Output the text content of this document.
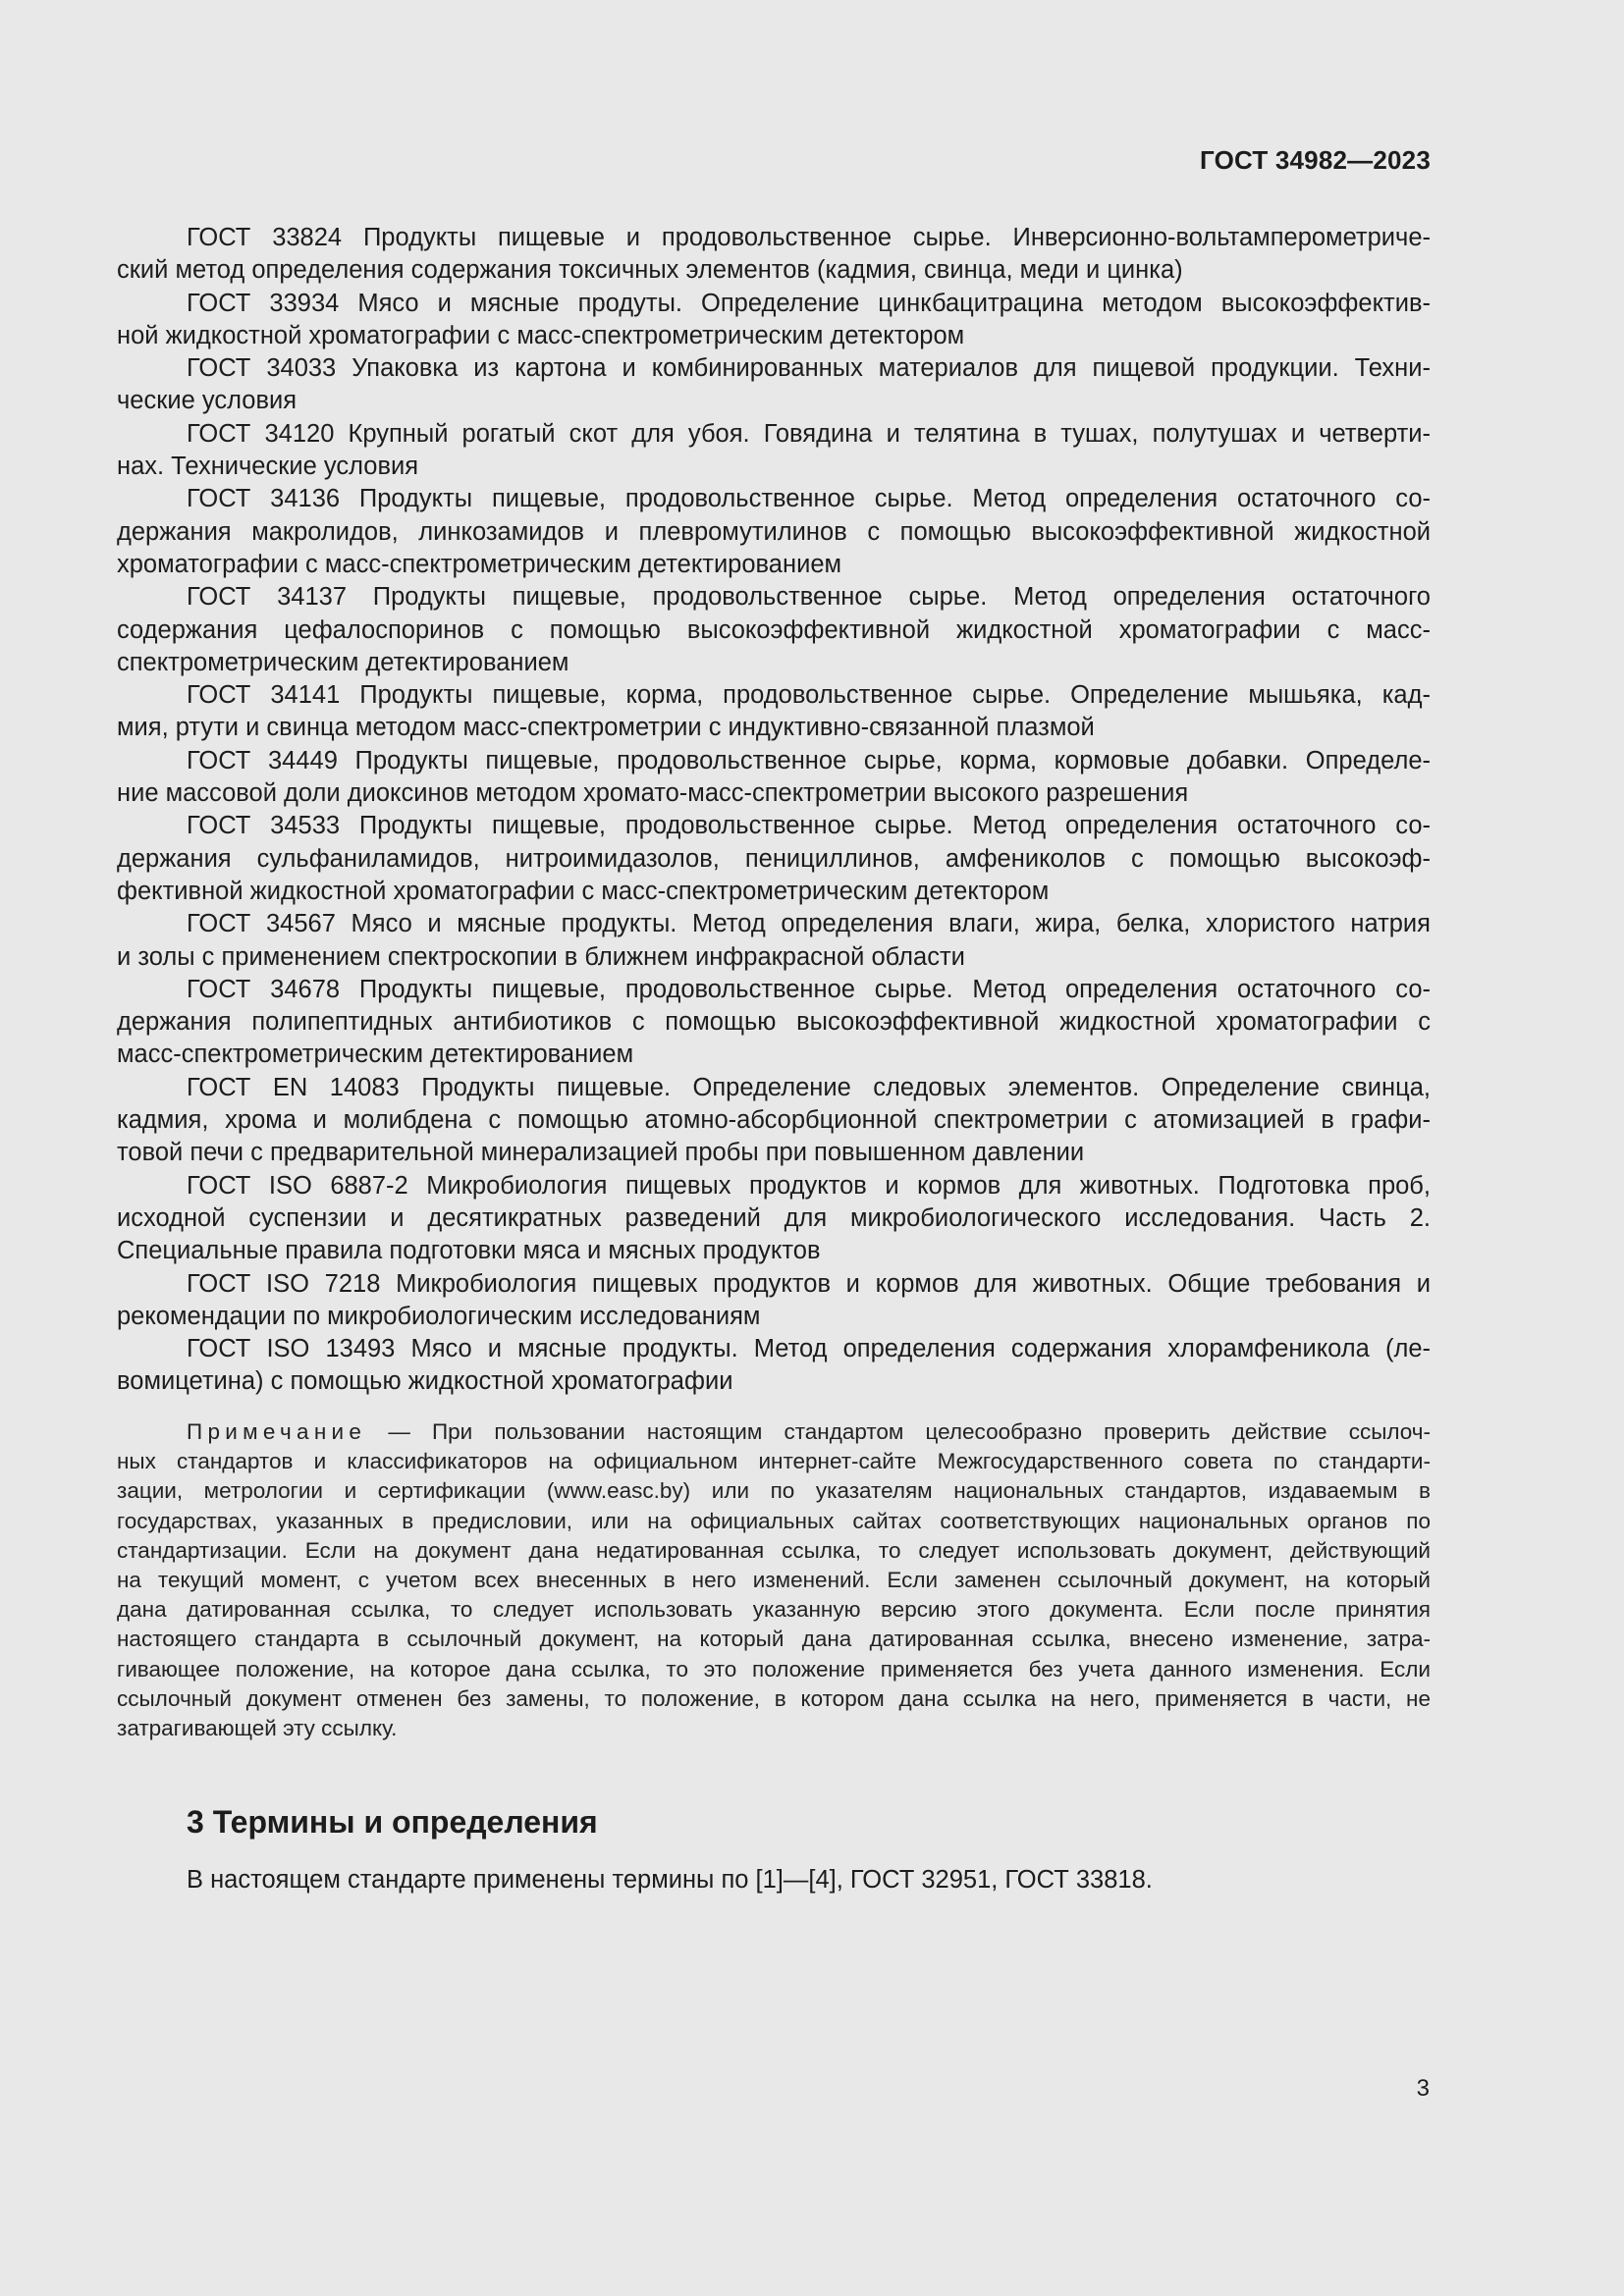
ГОСТ 34982—2023

ГОСТ 33824 Продукты пищевые и продовольственное сырье. Инверсионно-вольтамперометриче-
ский метод определения содержания токсичных элементов (кадмия, свинца, меди и цинка)

ГОСТ 33934 Мясо и мясные продуты. Определение цинкбацитрацина методом высокоэффектив-
ной жидкостной хроматографии с масс-спектрометрическим детектором

ГОСТ 34033 Упаковка из картона и комбинированных материалов для пищевой продукции. Техни-
ческие условия

ГОСТ 34120 Крупный рогатый скот для убоя. Говядина и телятина в тушах, полутушах и четверти-
нах. Технические условия

ГОСТ 34136 Продукты пищевые, продовольственное сырье. Метод определения остаточного со-
держания макролидов, линкозамидов и плевромутилинов с помощью высокоэффективной жидкостной
хроматографии с масс-спектрометрическим детектированием

ГОСТ 34137 Продукты пищевые, продовольственное сырье. Метод определения остаточного
содержания цефалоспоринов с помощью высокоэффективной жидкостной хроматографии с масс-
спектрометрическим детектированием

ГОСТ 34141 Продукты пищевые, корма, продовольственное сырье. Определение мышьяка, кад-
мия, ртути и свинца методом масс-спектрометрии с индуктивно-связанной плазмой

ГОСТ 34449 Продукты пищевые, продовольственное сырье, корма, кормовые добавки. Определе-
ние массовой доли диоксинов методом хромато-масс-спектрометрии высокого разрешения

ГОСТ 34533 Продукты пищевые, продовольственное сырье. Метод определения остаточного со-
держания сульфаниламидов, нитроимидазолов, пенициллинов, амфениколов с помощью высокоэф-
фективной жидкостной хроматографии с масс-спектрометрическим детектором

ГОСТ 34567 Мясо и мясные продукты. Метод определения влаги, жира, белка, хлористого натрия
и золы с применением спектроскопии в ближнем инфракрасной области

ГОСТ 34678 Продукты пищевые, продовольственное сырье. Метод определения остаточного со-
держания полипептидных антибиотиков с помощью высокоэффективной жидкостной хроматографии с
масс-спектрометрическим детектированием

ГОСТ EN 14083 Продукты пищевые. Определение следовых элементов. Определение свинца,
кадмия, хрома и молибдена с помощью атомно-абсорбционной спектрометрии с атомизацией в графи-
товой печи с предварительной минерализацией пробы при повышенном давлении

ГОСТ ISO 6887-2 Микробиология пищевых продуктов и кормов для животных. Подготовка проб,
исходной суспензии и десятикратных разведений для микробиологического исследования. Часть 2.
Специальные правила подготовки мяса и мясных продуктов

ГОСТ ISO 7218 Микробиология пищевых продуктов и кормов для животных. Общие требования и
рекомендации по микробиологическим исследованиям

ГОСТ ISO 13493 Мясо и мясные продукты. Метод определения содержания хлорамфеникола (ле-
вомицетина) с помощью жидкостной хроматографии

Примечание — При пользовании настоящим стандартом целесообразно проверить действие ссылоч-
ных стандартов и классификаторов на официальном интернет-сайте Межгосударственного совета по стандарти-
зации, метрологии и сертификации (www.easc.by) или по указателям национальных стандартов, издаваемым в
государствах, указанных в предисловии, или на официальных сайтах соответствующих национальных органов по
стандартизации. Если на документ дана недатированная ссылка, то следует использовать документ, действующий
на текущий момент, с учетом всех внесенных в него изменений. Если заменен ссылочный документ, на который
дана датированная ссылка, то следует использовать указанную версию этого документа. Если после принятия
настоящего стандарта в ссылочный документ, на который дана датированная ссылка, внесено изменение, затра-
гивающее положение, на которое дана ссылка, то это положение применяется без учета данного изменения. Если
ссылочный документ отменен без замены, то положение, в котором дана ссылка на него, применяется в части, не
затрагивающей эту ссылку.
3 Термины и определения

В настоящем стандарте применены термины по [1]—[4], ГОСТ 32951, ГОСТ 33818.

3
